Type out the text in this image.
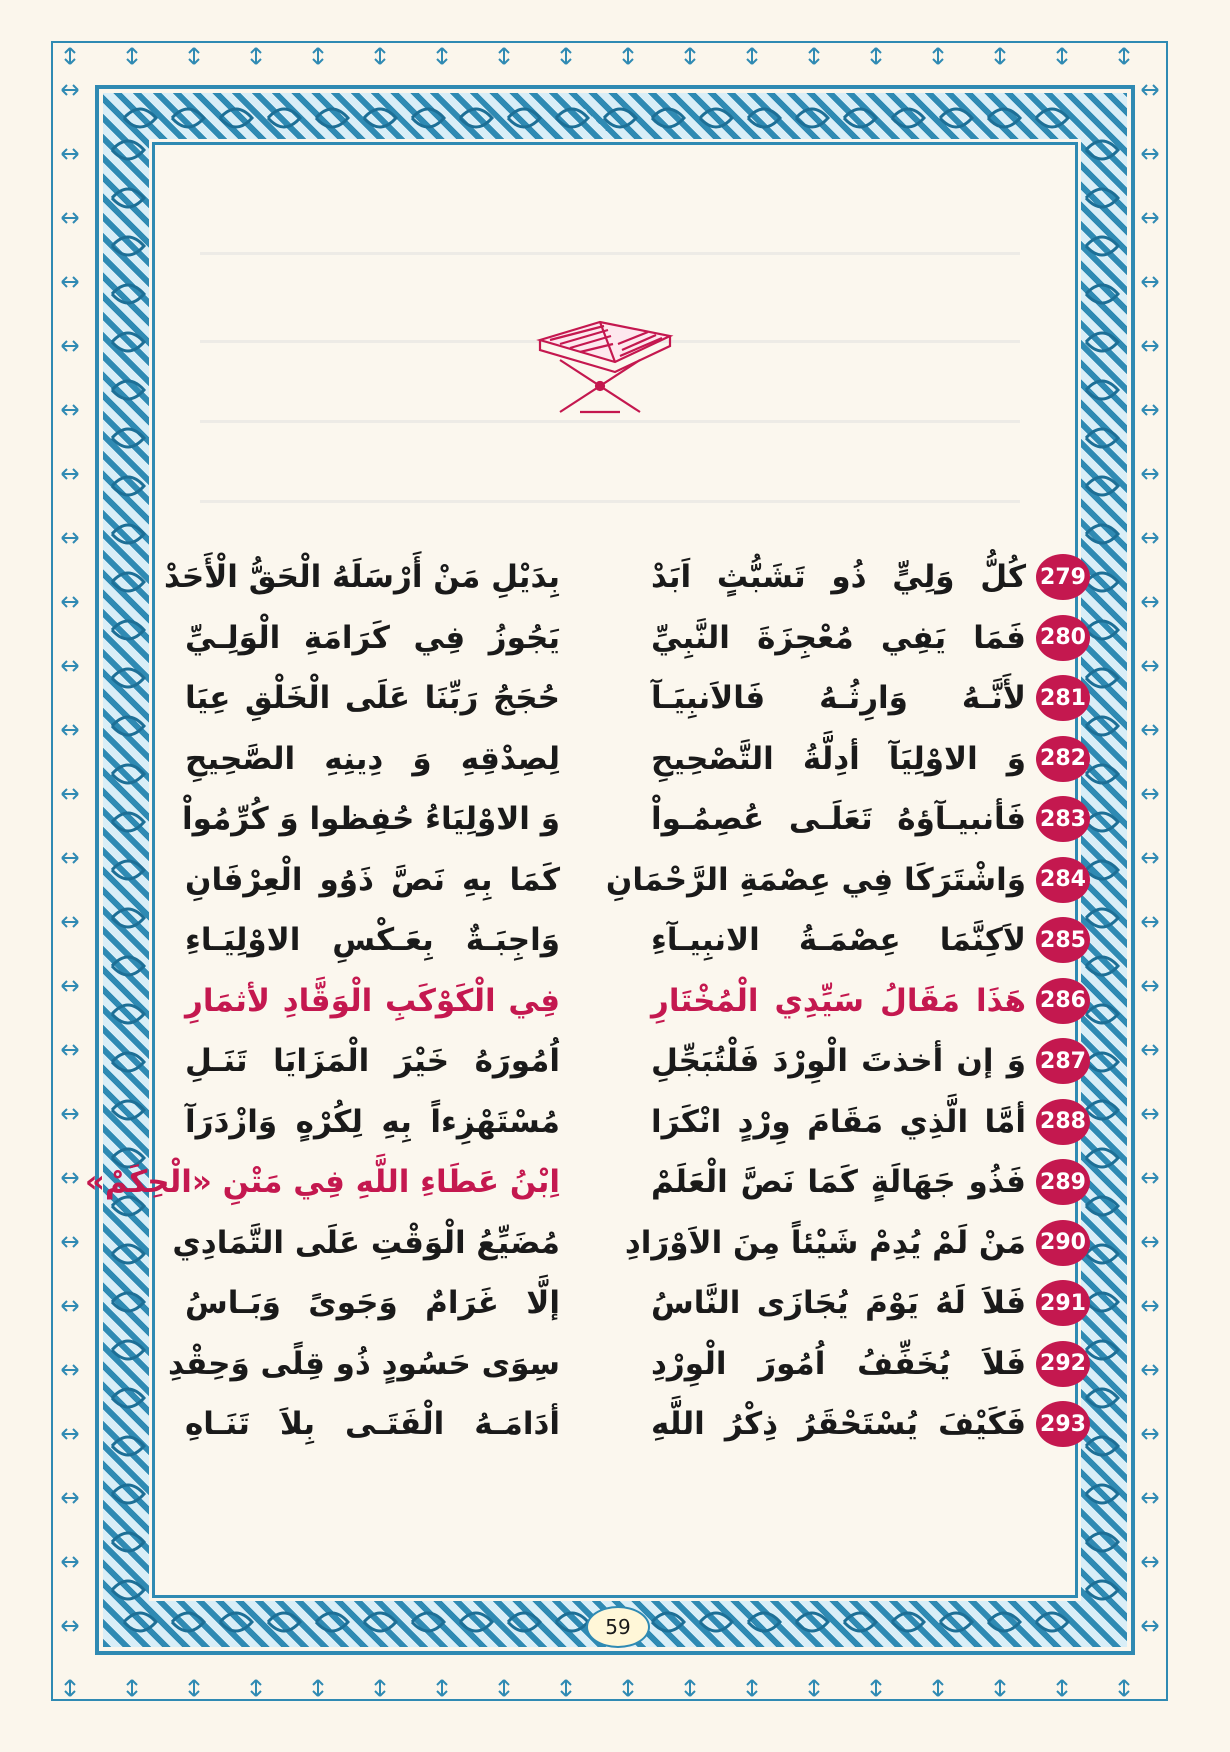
279
كُلُّ وَلِيٍّ ذُو تَشَبُّثٍ اَبَدْ
بِدَيْلِ مَنْ أَرْسَلَهُ الْحَقُّ الْأَحَدْ
280
فَمَا يَفِي مُعْجِزَةَ النَّبِيِّ
يَجُوزُ فِي كَرَامَةِ الْوَلِـيِّ
281
لأَنَّـهُ وَارِثُـهُ فَالاَنبِيَـآ
حُجَجُ رَبِّنَا عَلَى الْخَلْقِ عِيَا
282
وَ الاوْلِيَآ أدِلَّةُ التَّصْحِيحِ
لِصِدْقِهِ وَ دِينِهِ الصَّحِيحِ
283
فَأنبيـآؤهُ تَعَلَـى عُصِمُـواْ
وَ الاوْلِيَاءُ حُفِظوا وَ كُرِّمُواْ
284
وَاشْتَرَكَا فِي عِصْمَةِ الرَّحْمَانِ
كَمَا بِهِ نَصَّ ذَوُو الْعِرْفَانِ
285
لاَكِنَّمَا عِصْمَـةُ الانبِيـآءِ
وَاجِبَـةٌ بِعَـكْسِ الاوْلِيَـاءِ
286
هَذَا مَقَالُ سَيِّدِي الْمُخْتَارِ
فِي الْكَوْكَبِ الْوَقَّادِ لأثمَارِ
287
وَ إن أخذتَ الْوِرْدَ فَلْتُبَجِّلِ
اُمُورَهُ خَيْرَ الْمَزَايَا تَنَـلِ
288
أمَّا الَّذِي مَقَامَ وِرْدٍ انْكَرَا
مُسْتَهْزِءاً بِهِ لِكُرْهٍ وَازْدَرَآ
289
فَذُو جَهَالَةٍ كَمَا نَصَّ الْعَلَمْ
اِبْنُ عَطَاءِ اللَّهِ فِي مَتْنِ «الْحِكَمْ»
290
مَنْ لَمْ يُدِمْ شَيْئاً مِنَ الاَوْرَادِ
مُضَيِّعُ الْوَقْتِ عَلَى التَّمَادِي
291
فَلاَ لَهُ يَوْمَ يُجَازَى النَّاسُ
إلَّا غَرَامٌ وَجَوىً وَبَـاسُ
292
فَلاَ يُخَفِّفُ اُمُورَ الْوِرْدِ
سِوَى حَسُودٍ ذُو قِلًى وَحِقْدِ
293
فَكَيْفَ يُسْتَحْقَرُ ذِكْرُ اللَّهِ
أدَامَـهُ الْفَتَـى بِلاَ تَنَـاهِ
59
